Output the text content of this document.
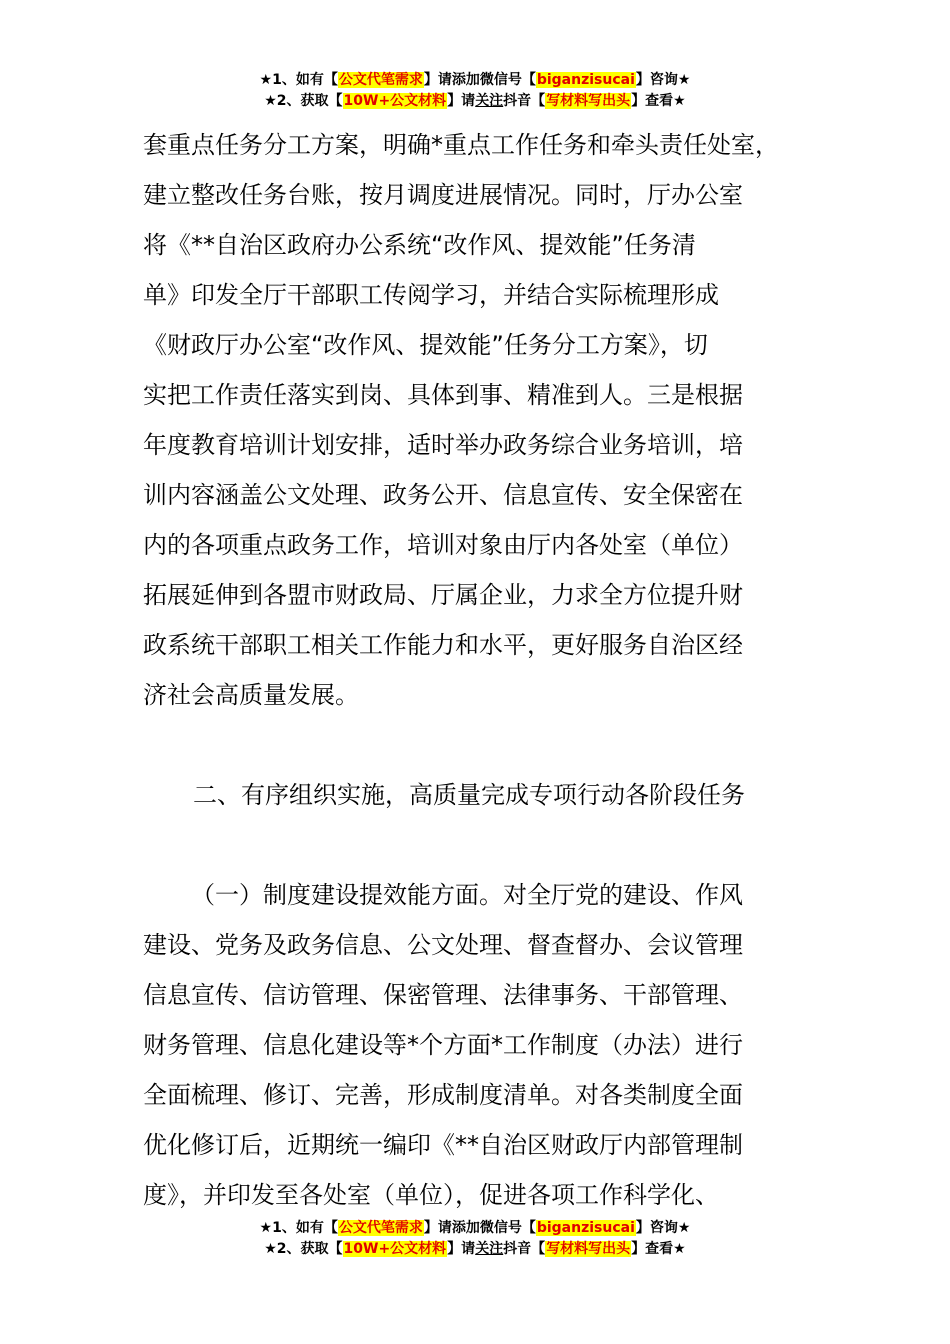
★1、如有【公文代笔需求】请添加微信号【biganzisucai】咨询★
★2、获取【10W+公文材料】请关注抖音【写材料写出头】查看★
套重点任务分工方案，明确*重点工作任务和牵头责任处室，
建立整改任务台账，按月调度进展情况。同时，厅办公室
将《**自治区政府办公系统“改作风、提效能”任务清
单》印发全厅干部职工传阅学习，并结合实际梳理形成
《财政厅办公室“改作风、提效能”任务分工方案》，切
实把工作责任落实到岗、具体到事、精准到人。三是根据
年度教育培训计划安排，适时举办政务综合业务培训，培
训内容涵盖公文处理、政务公开、信息宣传、安全保密在
内的各项重点政务工作，培训对象由厅内各处室（单位）
拓展延伸到各盟市财政局、厅属企业，力求全方位提升财
政系统干部职工相关工作能力和水平，更好服务自治区经
济社会高质量发展。
二、有序组织实施，高质量完成专项行动各阶段任务
（一）制度建设提效能方面。对全厅党的建设、作风
建设、党务及政务信息、公文处理、督查督办、会议管理
信息宣传、信访管理、保密管理、法律事务、干部管理、
财务管理、信息化建设等*个方面*工作制度（办法）进行
全面梳理、修订、完善，形成制度清单。对各类制度全面
优化修订后，近期统一编印《**自治区财政厅内部管理制
度》，并印发至各处室（单位），促进各项工作科学化、
★1、如有【公文代笔需求】请添加微信号【biganzisucai】咨询★
★2、获取【10W+公文材料】请关注抖音【写材料写出头】查看★
